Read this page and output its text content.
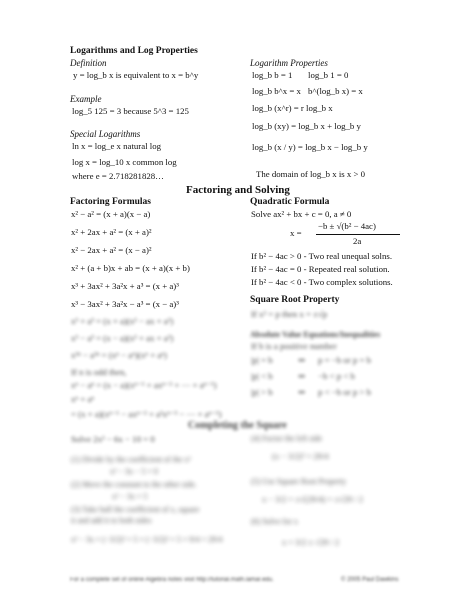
Logarithms and Log Properties
Definition
y = log_b x is equivalent to x = b^y
Example
log_5 125 = 3 because 5^3 = 125
Special Logarithms
ln x = log_e x natural log
log x = log_10 x common log
where e = 2.718281828…
Logarithm Properties
log_b b = 1 log_b 1 = 0
log_b b^x = x b^(log_b x) = x
log_b (x^r) = r log_b x
log_b (xy) = log_b x + log_b y
log_b (x / y) = log_b x − log_b y
The domain of log_b x is x > 0
Factoring and Solving
Factoring Formulas
x² − a² = (x + a)(x − a)
x² + 2ax + a² = (x + a)²
x² − 2ax + a² = (x − a)²
x² + (a + b)x + ab = (x + a)(x + b)
x³ + 3ax² + 3a²x + a³ = (x + a)³
x³ − 3ax² + 3a²x − a³ = (x − a)³
x³ + a³ = (x + a)(x² − ax + a²)
x³ − a³ = (x − a)(x² + ax + a²)
x²ⁿ − a²ⁿ = (xⁿ − aⁿ)(xⁿ + aⁿ)
If n is odd then,
xⁿ − aⁿ = (x − a)(xⁿ⁻¹ + axⁿ⁻² + ⋯ + aⁿ⁻¹)
xⁿ + aⁿ
= (x + a)(xⁿ⁻¹ − axⁿ⁻² + a²xⁿ⁻³ − ⋯ + aⁿ⁻¹)
Quadratic Formula
Solve ax² + bx + c = 0, a ≠ 0
x =
−b ± √(b² − 4ac)
2a
If b² − 4ac > 0 - Two real unequal solns.
If b² − 4ac = 0 - Repeated real solution.
If b² − 4ac < 0 - Two complex solutions.
Square Root Property
If x² = p then x = ±√p
Absolute Value Equations/Inequalities
If b is a positive number
|p| = b	⇒ p = −b or p = b
|p| < b	⇒ −b < p < b
|p| > b	⇒ p < −b or p > b
Completing the Square
Solve 2x² − 6x − 10 = 0
(1) Divide by the coefficient of the x²
x² − 3x − 5 = 0
(2) Move the constant to the other side.
x² − 3x = 5
(3) Take half the coefficient of x, square
it and add it to both sides
x² − 3x + (−3/2)² = 5 + (−3/2)² = 5 + 9/4 = 29/4
(4) Factor the left side
(x − 3/2)² = 29/4
(5) Use Square Root Property
x − 3/2 = ±√(29/4) = ±√29 / 2
(6) Solve for x
x = 3/2 ± √29 / 2
For a complete set of online Algebra notes visit http://tutorial.math.lamar.edu.	© 2005 Paul Dawkins
